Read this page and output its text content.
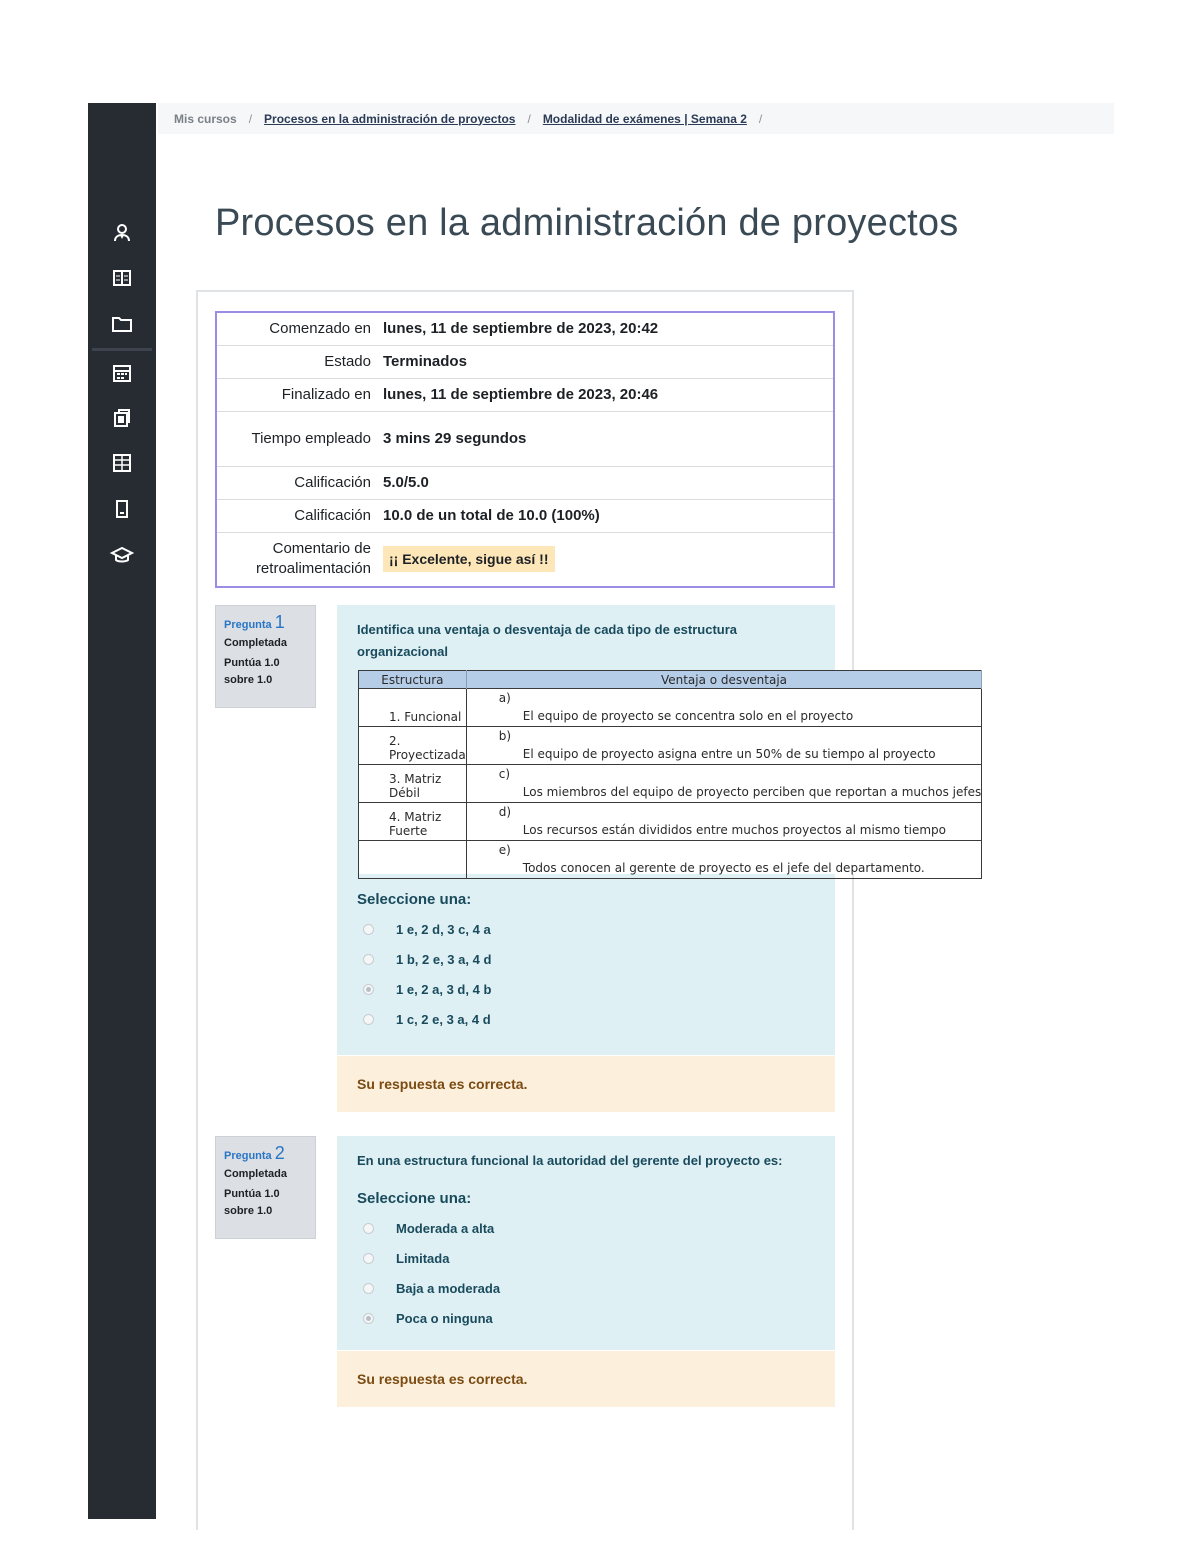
Mis cursos / Procesos en la administración de proyectos / Modalidad de exámenes | Semana 2 /
Procesos en la administración de proyectos
Comenzado en	lunes, 11 de septiembre de 2023, 20:42
Estado	Terminados
Finalizado en	lunes, 11 de septiembre de 2023, 20:46
Tiempo empleado	3 mins 29 segundos
Calificación	5.0/5.0
Calificación	10.0 de un total de 10.0 (100%)
Comentario de retroalimentación	¡¡ Excelente, sigue así !!
Pregunta 1
Completada
Puntúa 1.0 sobre 1.0
Identifica una ventaja o desventaja de cada tipo de estructura organizacional
Seleccione una:
1 e, 2 d, 3 c, 4 a
1 b, 2 e, 3 a, 4 d
1 e, 2 a, 3 d, 4 b
1 c, 2 e, 3 a, 4 d
Estructura	Ventaja o desventaja
1. Funcional	a)
El equipo de proyecto se concentra solo en el proyecto

2. Proyectizada	b)
El equipo de proyecto asigna entre un 50% de su tiempo al proyecto

3. Matriz Débil	c)
Los miembros del equipo de proyecto perciben que reportan a muchos jefes

4. Matriz Fuerte	d)
Los recursos están divididos entre muchos proyectos al mismo tiempo

	e)
Todos conocen al gerente de proyecto es el jefe del departamento.
Su respuesta es correcta.
Pregunta 2
Completada
Puntúa 1.0 sobre 1.0
En una estructura funcional la autoridad del gerente del proyecto es:
Seleccione una:
Moderada a alta
Limitada
Baja a moderada
Poca o ninguna
Su respuesta es correcta.
